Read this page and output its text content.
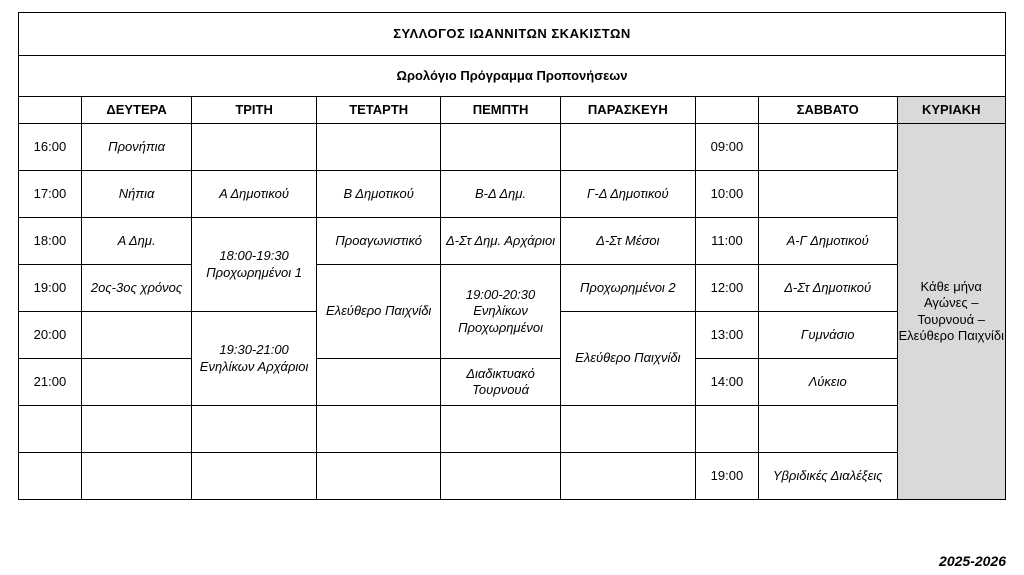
ΣΥΛΛΟΓΟΣ ΙΩΑΝΝΙΤΩΝ ΣΚΑΚΙΣΤΩΝ								
Ωρολόγιο Πρόγραμμα Προπονήσεων								
	ΔΕΥΤΕΡΑ	ΤΡΙΤΗ	ΤΕΤΑΡΤΗ	ΠΕΜΠΤΗ	ΠΑΡΑΣΚΕΥΗ		ΣΑΒΒΑΤΟ	ΚΥΡΙΑΚΗ
16:00	Προνήπια					09:00		Κάθε μήνα Αγώνες – Τουρνουά – Ελεύθερο Παιχνίδι
17:00	Νήπια	Α Δημοτικού	Β Δημοτικού	Β-Δ Δημ.	Γ-Δ Δημοτικού	10:00		
18:00	Α Δημ.	18:00-19:30 Προχωρημένοι 1	Προαγωνιστικό	Δ-Στ Δημ. Αρχάριοι	Δ-Στ Μέσοι	11:00	Α-Γ Δημοτικού	
19:00	2ος-3ος χρόνος		Ελεύθερο Παιχνίδι	19:00-20:30 Ενηλίκων Προχωρημένοι	Προχωρημένοι 2	12:00	Δ-Στ Δημοτικού	
20:00		19:30-21:00 Ενηλίκων Αρχάριοι			Ελεύθερο Παιχνίδι	13:00	Γυμνάσιο	
21:00				Διαδικτυακό Τουρνουά		14:00	Λύκειο	

						19:00	Υβριδικές Διαλέξεις	
2025-2026
